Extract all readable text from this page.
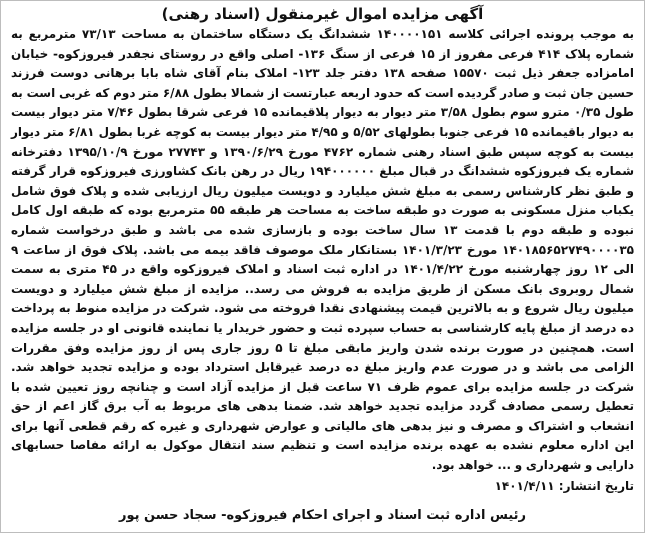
آگهی مزایده اموال غیرمنقول (اسناد رهنی)

به موجب پرونده اجرائی کلاسه ۱۴۰۰۰۰۱۵۱ ششدانگ یک دستگاه ساختمان به مساحت ۷۳/۱۳ مترمربع به شماره پلاک ۴۱۴ فرعی مفروز از ۱۵ فرعی از سنگ ۱۳۶- اصلی واقع در روستای نجفدر فیروزکوه- خیابان امامزاده جعفر ذیل ثبت ۱۵۵۷۰ صفحه ۱۳۸ دفتر جلد ۱۲۳- املاک بنام آقای شاه بابا برهانی دوست فرزند حسین جان ثبت و صادر گردیده است که حدود اربعه عبارتست از شمالا بطول ۶/۸۸ متر دوم که غربی است به طول ۰/۳۵ مترو سوم بطول ۳/۵۸ متر دیوار به دیوار پلاقیمانده ۱۵ فرعی شرقا بطول ۷/۴۶ متر دیوار بیست به دیوار باقیمانده ۱۵ فرعی جنوبا بطولهای ۵/۵۲ و ۴/۹۵ متر دیوار بیست به کوچه غربا بطول ۶/۸۱ متر دیوار بیست به کوچه سپس طبق اسناد رهنی شماره ۴۷۶۲ مورخ ۱۳۹۰/۶/۲۹ و ۲۷۷۴۳ مورخ ۱۳۹۵/۱۰/۹ دفترخانه شماره یک فیروزکوه ششدانگ در قبال مبلغ ۱۹۴۰۰۰۰۰۰ ریال در رهن بانک کشاورزی فیروزکوه قرار گرفته و طبق نظر کارشناس رسمی به مبلغ شش میلیارد و دویست میلیون ریال ارزیابی شده و پلاک فوق شامل یکباب منزل مسکونی به صورت دو طبقه ساخت به مساحت هر طبقه ۵۵ مترمربع بوده که طبقه اول کامل نبوده و طبقه دوم با قدمت ۱۳ سال ساخت بوده و بازسازی شده می باشد و طبق درخواست شماره ۱۴۰۱۸۵۶۵۲۷۴۹۰۰۰۰۳۵ مورخ ۱۴۰۱/۳/۲۳ بستانکار ملک موصوف فاقد بیمه می باشد. پلاک فوق از ساعت ۹ الی ۱۲ روز چهارشنبه مورخ ۱۴۰۱/۴/۲۲ در اداره ثبت اسناد و املاک فیروزکوه واقع در ۴۵ متری به سمت شمال روبروی بانک مسکن از طریق مزایده به فروش می رسد.. مزایده از مبلغ شش میلیارد و دویست میلیون ریال شروع و به بالاترین قیمت پیشنهادی نقدا فروخته می شود. شرکت در مزایده منوط به پرداخت ده درصد از مبلغ پایه کارشناسی به حساب سپرده ثبت و حضور خریدار یا نماینده قانونی او در جلسه مزایده است. همچنین در صورت برنده شدن واریز مابقی مبلغ تا ۵ روز جاری پس از روز مزایده وفق مقررات الزامی می باشد و در صورت عدم واریز مبلغ ده درصد غیرقابل استرداد بوده و مزایده تجدید خواهد شد. شرکت در جلسه مزایده برای عموم ظرف ۷۱ ساعت قبل از مزایده آزاد است و چنانچه روز تعیین شده با تعطیل رسمی مصادف گردد مزایده تجدید خواهد شد. ضمنا بدهی های مربوط به آب برق گاز اعم از حق انشعاب و اشتراک و مصرف و نیز بدهی های مالیاتی و عوارض شهرداری و غیره که رقم قطعی آنها برای این اداره معلوم نشده به عهده برنده مزایده است و تنظیم سند انتقال موکول به ارائه مفاصا حسابهای دارایی و شهرداری و ... خواهد بود.

تاریخ انتشار: ۱۴۰۱/۴/۱۱

رئیس اداره ثبت اسناد و اجرای احکام فیروزکوه- سجاد حسن پور
